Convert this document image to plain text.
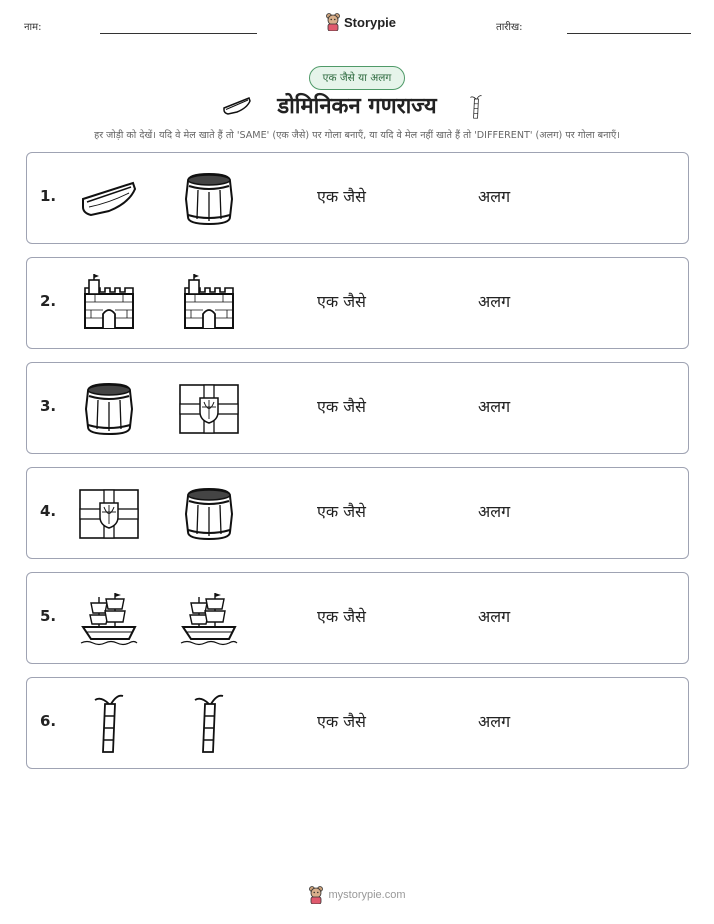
नाम:	Storypie	तारीख:
एक जैसे या अलग
डोमिनिकन गणराज्य
हर जोड़ी को देखें। यदि वे मेल खाते हैं तो 'SAME' (एक जैसे) पर गोला बनाएँ, या यदि वे मेल नहीं खाते हैं तो 'DIFFERENT' (अलग) पर गोला बनाएँ।
1.	एक जैसे	अलग
2.	एक जैसे	अलग
3.	एक जैसे	अलग
4.	एक जैसे	अलग
5.	एक जैसे	अलग
6.	एक जैसे	अलग
mystorypie.com
